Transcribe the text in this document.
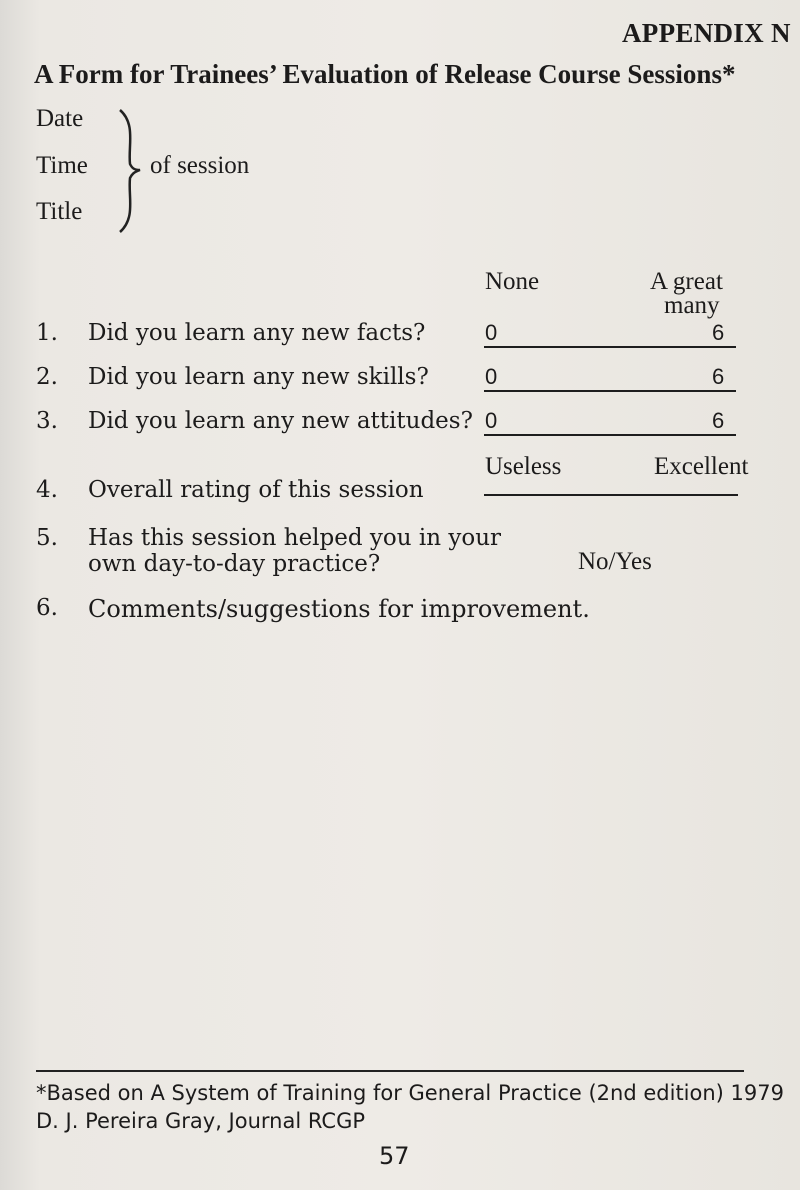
APPENDIX N
A Form for Trainees’ Evaluation of Release Course Sessions*
Date
Time
Title
of session
None	A great
many
1. Did you learn any new facts?	0	6
2. Did you learn any new skills?	0	6
3. Did you learn any new attitudes? 0	6
Useless	Excellent
4. Overall rating of this session
5. Has this session helped you in your
own day-to-day practice?	No/Yes
6. Comments/suggestions for improvement.
*Based on A System of Training for General Practice (2nd edition) 1979
D. J. Pereira Gray, Journal RCGP
57
